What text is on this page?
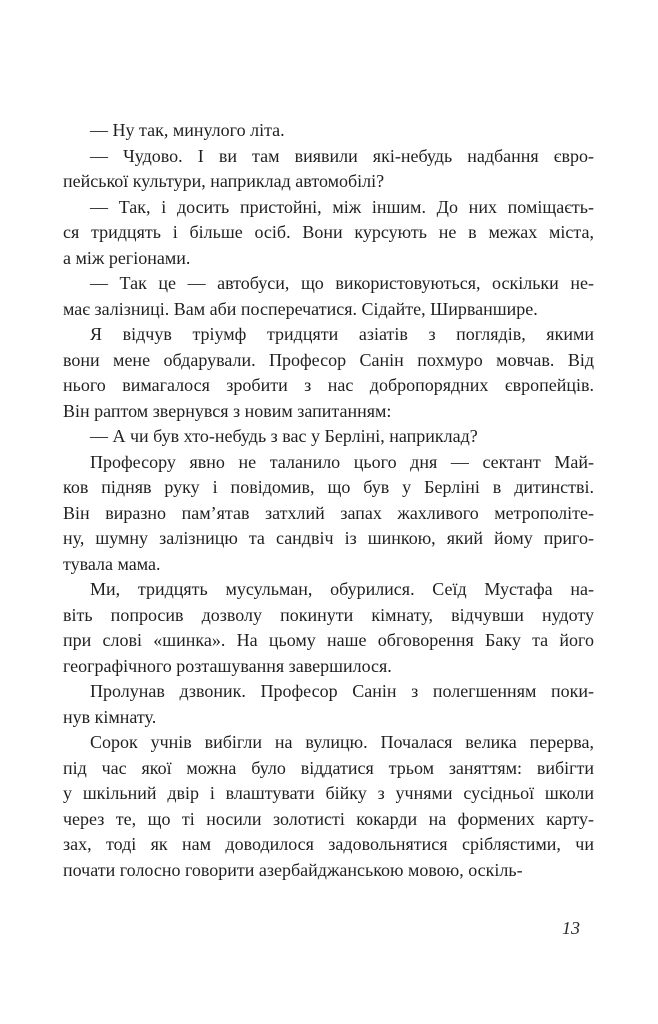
— Ну так, минулого літа.
— Чудово. І ви там виявили які-небудь надбання євро-
пейської культури, наприклад автомобілі?
— Так, і досить пристойні, між іншим. До них поміщаєть-
ся тридцять і більше осіб. Вони курсують не в межах міста,
а між регіонами.
— Так це — автобуси, що використовуються, оскільки не-
має залізниці. Вам аби посперечатися. Сідайте, Ширваншире.
Я відчув тріумф тридцяти азіатів з поглядів, якими
вони мене обдарували. Професор Санін похмуро мовчав. Від
нього вимагалося зробити з нас добропорядних європейців.
Він раптом звернувся з новим запитанням:
— А чи був хто-небудь з вас у Берліні, наприклад?
Професору явно не таланило цього дня — сектант Май-
ков підняв руку і повідомив, що був у Берліні в дитинстві.
Він виразно пам’ятав затхлий запах жахливого метрополіте-
ну, шумну залізницю та сандвіч із шинкою, який йому приго-
тувала мама.
Ми, тридцять мусульман, обурилися. Сеїд Мустафа на-
віть попросив дозволу покинути кімнату, відчувши нудоту
при слові «шинка». На цьому наше обговорення Баку та його
географічного розташування завершилося.
Пролунав дзвоник. Професор Санін з полегшенням поки-
нув кімнату.
Сорок учнів вибігли на вулицю. Почалася велика перерва,
під час якої можна було віддатися трьом заняттям: вибігти
у шкільний двір і влаштувати бійку з учнями сусідньої школи
через те, що ті носили золотисті кокарди на формених карту-
зах, тоді як нам доводилося задовольнятися сріблястими, чи
почати голосно говорити азербайджанською мовою, оскіль-
13
